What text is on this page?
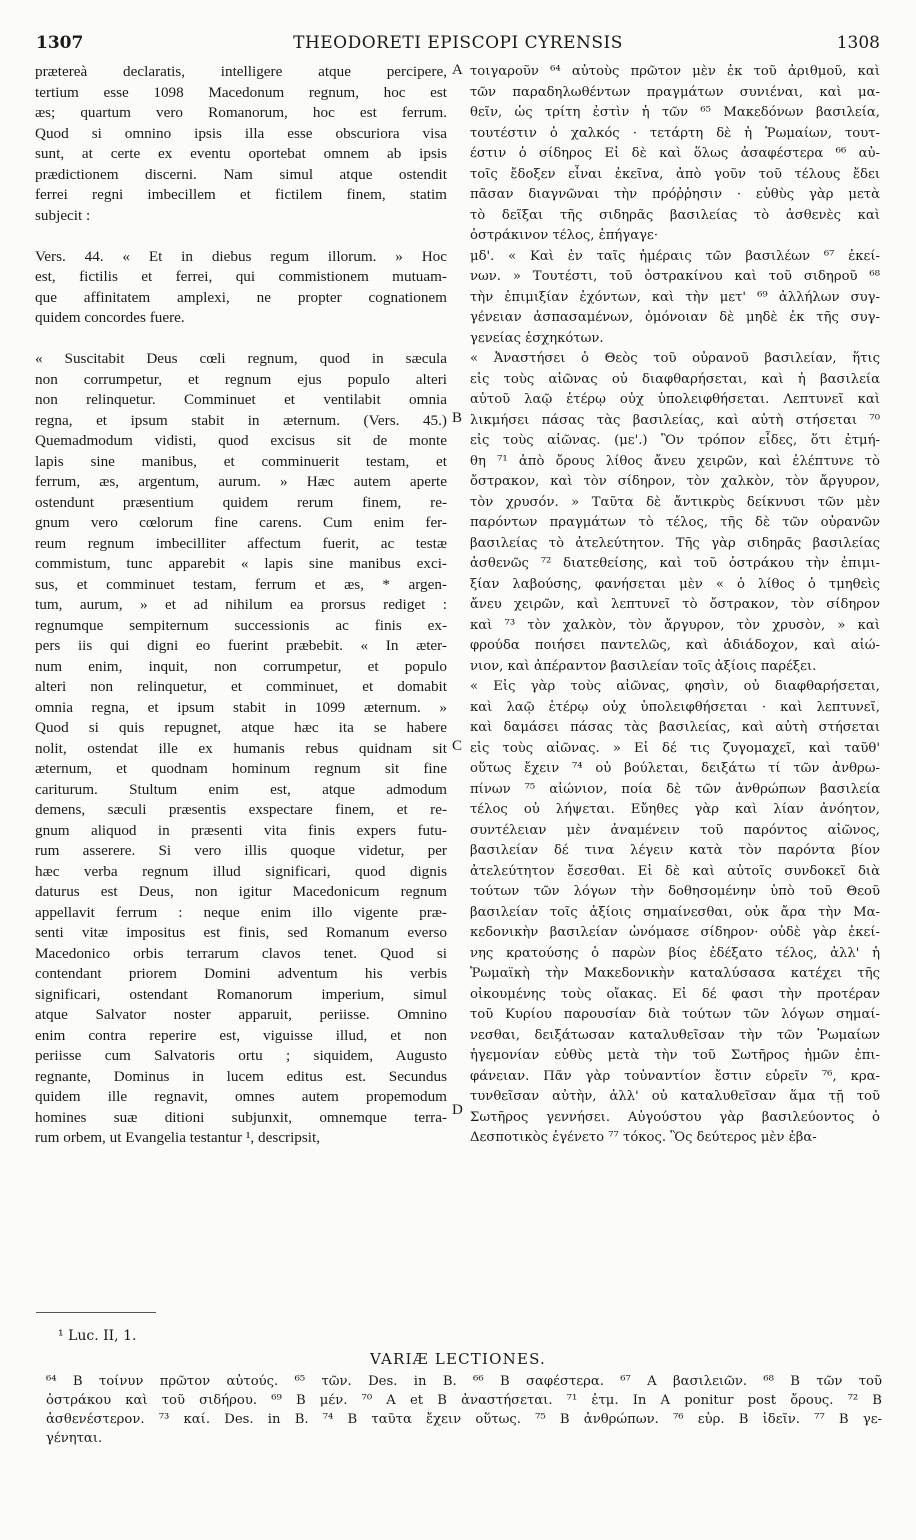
1307	THEODORETI EPISCOPI CYRENSIS	1308
prætereà declaratis, intelligere atque percipere,
tertium esse 1098 Macedonum regnum, hoc est
æs; quartum vero Romanorum, hoc est ferrum.
Quod si omnino ipsis illa esse obscuriora visa
sunt, at certe ex eventu oportebat omnem ab ipsis
prædictionem discerni. Nam simul atque ostendit
ferrei regni imbecillem et fictilem finem, statim
subjecit :
Vers. 44. « Et in diebus regum illorum. » Hoc
est, fictilis et ferrei, qui commistionem mutuam-
que affinitatem amplexi, ne propter cognationem
quidem concordes fuere.
« Suscitabit Deus cœli regnum, quod in sæcula
non corrumpetur, et regnum ejus populo alteri
non relinquetur. Comminuet et ventilabit omnia
regna, et ipsum stabit in æternum. (Vers. 45.)
Quemadmodum vidisti, quod excisus sit de monte
lapis sine manibus, et comminuerit testam, et
ferrum, æs, argentum, aurum. » Hæc autem aperte
ostendunt præsentium quidem rerum finem, re-
gnum vero cœlorum fine carens. Cum enim fer-
reum regnum imbecilliter affectum fuerit, ac testæ
commistum, tunc apparebit « lapis sine manibus exci-
sus, et comminuet testam, ferrum et æs, * argen-
tum, aurum, » et ad nihilum ea prorsus rediget :
regnumque sempiternum successionis ac finis ex-
pers iis qui digni eo fuerint præbebit. « In æter-
num enim, inquit, non corrumpetur, et populo
alteri non relinquetur, et comminuet, et domabit
omnia regna, et ipsum stabit in 1099 æternum. »
Quod si quis repugnet, atque hæc ita se habere
nolit, ostendat ille ex humanis rebus quidnam sit
æternum, et quodnam hominum regnum sit fine
cariturum. Stultum enim est, atque admodum
demens, sæculi præsentis exspectare finem, et re-
gnum aliquod in præsenti vita finis expers futu-
rum asserere. Si vero illis quoque videtur, per
hæc verba regnum illud significari, quod dignis
daturus est Deus, non igitur Macedonicum regnum
appellavit ferrum : neque enim illo vigente præ-
senti vitæ impositus est finis, sed Romanum everso
Macedonico orbis terrarum clavos tenet. Quod si
contendant priorem Domini adventum his verbis
significari, ostendant Romanorum imperium, simul
atque Salvator noster apparuit, periisse. Omnino
enim contra reperire est, viguisse illud, et non
periisse cum Salvatoris ortu ; siquidem, Augusto
regnante, Dominus in lucem editus est. Secundus
quidem ille regnavit, omnes autem propemodum
homines suæ ditioni subjunxit, omnemque terra-
rum orbem, ut Evangelia testantur ¹, descripsit,
τοιγαροῦν ⁶⁴ αὐτοὺς πρῶτον μὲν ἐκ τοῦ ἀριθμοῦ, καὶ
τῶν παραδηλωθέντων πραγμάτων συνιέναι, καὶ μα-
θεῖν, ὡς τρίτη ἐστὶν ἡ τῶν ⁶⁵ Μακεδόνων βασιλεία,
τουτέστιν ὁ χαλκός · τετάρτη δὲ ἡ Ῥωμαίων, τουτ-
έστιν ὁ σίδηρος Εἰ δὲ καὶ ὅλως ἀσαφέστερα ⁶⁶ αὐ-
τοῖς ἔδοξεν εἶναι ἐκεῖνα, ἀπὸ γοῦν τοῦ τέλους ἔδει
πᾶσαν διαγνῶναι τὴν πρόῤῥησιν · εὐθὺς γὰρ μετὰ
τὸ δεῖξαι τῆς σιδηρᾶς βασιλείας τὸ ἀσθενὲς καὶ
ὀστράκινον τέλος, ἐπήγαγε·
μδ'. « Καὶ ἐν ταῖς ἡμέραις τῶν βασιλέων ⁶⁷ ἐκεί-
νων. » Τουτέστι, τοῦ ὀστρακίνου καὶ τοῦ σιδηροῦ ⁶⁸
τὴν ἐπιμιξίαν ἐχόντων, καὶ τὴν μετ' ⁶⁹ ἀλλήλων συγ-
γένειαν ἀσπασαμένων, ὁμόνοιαν δὲ μηδὲ ἐκ τῆς συγ-
γενείας ἐσχηκότων.
« Ἀναστήσει ὁ Θεὸς τοῦ οὐρανοῦ βασιλείαν, ἥτις
εἰς τοὺς αἰῶνας οὐ διαφθαρήσεται, καὶ ἡ βασιλεία
αὐτοῦ λαῷ ἑτέρῳ οὐχ ὑπολειφθήσεται. Λεπτυνεῖ καὶ
λικμήσει πάσας τὰς βασιλείας, καὶ αὐτὴ στήσεται ⁷⁰
εἰς τοὺς αἰῶνας. (με'.) Ὃν τρόπον εἶδες, ὅτι ἐτμή-
θη ⁷¹ ἀπὸ ὄρους λίθος ἄνευ χειρῶν, καὶ ἐλέπτυνε τὸ
ὄστρακον, καὶ τὸν σίδηρον, τὸν χαλκὸν, τὸν ἄργυρον,
τὸν χρυσόν. » Ταῦτα δὲ ἄντικρὺς δείκνυσι τῶν μὲν
παρόντων πραγμάτων τὸ τέλος, τῆς δὲ τῶν οὐρανῶν
βασιλείας τὸ ἀτελεύτητον. Τῆς γὰρ σιδηρᾶς βασιλείας
ἀσθενῶς ⁷² διατεθείσης, καὶ τοῦ ὀστράκου τὴν ἐπιμι-
ξίαν λαβούσης, φανήσεται μὲν « ὁ λίθος ὁ τμηθεὶς
ἄνευ χειρῶν, καὶ λεπτυνεῖ τὸ ὄστρακον, τὸν σίδηρον
καὶ ⁷³ τὸν χαλκὸν, τὸν ἄργυρον, τὸν χρυσὸν, » καὶ
φρούδα ποιήσει παντελῶς, καὶ ἀδιάδοχον, καὶ αἰώ-
νιον, καὶ ἀπέραντον βασιλείαν τοῖς ἀξίοις παρέξει.
« Εἰς γὰρ τοὺς αἰῶνας, φησὶν, οὐ διαφθαρήσεται,
καὶ λαῷ ἑτέρῳ οὐχ ὑπολειφθήσεται · καὶ λεπτυνεῖ,
καὶ δαμάσει πάσας τὰς βασιλείας, καὶ αὐτὴ στήσεται
εἰς τοὺς αἰῶνας. » Εἰ δέ τις ζυγομαχεῖ, καὶ ταῦθ'
οὕτως ἔχειν ⁷⁴ οὐ βούλεται, δειξάτω τί τῶν ἀνθρω-
πίνων ⁷⁵ αἰώνιον, ποία δὲ τῶν ἀνθρώπων βασιλεία
τέλος οὐ λήψεται. Εὔηθες γὰρ καὶ λίαν ἀνόητον,
συντέλειαν μὲν ἀναμένειν τοῦ παρόντος αἰῶνος,
βασιλείαν δέ τινα λέγειν κατὰ τὸν παρόντα βίον
ἀτελεύτητον ἔσεσθαι. Εἰ δὲ καὶ αὐτοῖς συνδοκεῖ διὰ
τούτων τῶν λόγων τὴν δοθησομένην ὑπὸ τοῦ Θεοῦ
βασιλείαν τοῖς ἀξίοις σημαίνεσθαι, οὐκ ἄρα τὴν Μα-
κεδονικὴν βασιλείαν ὠνόμασε σίδηρον· οὐδὲ γὰρ ἐκεί-
νης κρατούσης ὁ παρὼν βίος ἐδέξατο τέλος, ἀλλ' ἡ
Ῥωμαϊκὴ τὴν Μακεδονικὴν καταλύσασα κατέχει τῆς
οἰκουμένης τοὺς οἴακας. Εἰ δέ φασι τὴν προτέραν
τοῦ Κυρίου παρουσίαν διὰ τούτων τῶν λόγων σημαί-
νεσθαι, δειξάτωσαν καταλυθεῖσαν τὴν τῶν Ῥωμαίων
ἡγεμονίαν εὐθὺς μετὰ τὴν τοῦ Σωτῆρος ἡμῶν ἐπι-
φάνειαν. Πᾶν γὰρ τοὐναντίον ἔστιν εὑρεῖν ⁷⁶, κρα-
τυνθεῖσαν αὐτὴν, ἀλλ' οὐ καταλυθεῖσαν ἅμα τῇ τοῦ
Σωτῆρος γεννήσει. Αὐγούστου γὰρ βασιλεύοντος ὁ
Δεσποτικὸς ἐγένετο ⁷⁷ τόκος. Ὃς δεύτερος μὲν ἐβα-
A
B
C
D
¹ Luc. II, 1.
VARIÆ LECTIONES.
⁶⁴ B τοίνυν πρῶτον αὐτούς. ⁶⁵ τῶν. Des. in B. ⁶⁶ B σαφέστερα. ⁶⁷ A βασιλειῶν. ⁶⁸ B τῶν τοῦ
ὀστράκου καὶ τοῦ σιδήρου. ⁶⁹ B μέν. ⁷⁰ A et B ἀναστήσεται. ⁷¹ ἐτμ. In A ponitur post ὄρους. ⁷² B
ἀσθενέστερον. ⁷³ καί. Des. in B. ⁷⁴ B ταῦτα ἔχειν οὕτως. ⁷⁵ B ἀνθρώπων. ⁷⁶ εὑρ. B ἰδεῖν. ⁷⁷ B γε-
γένηται.
